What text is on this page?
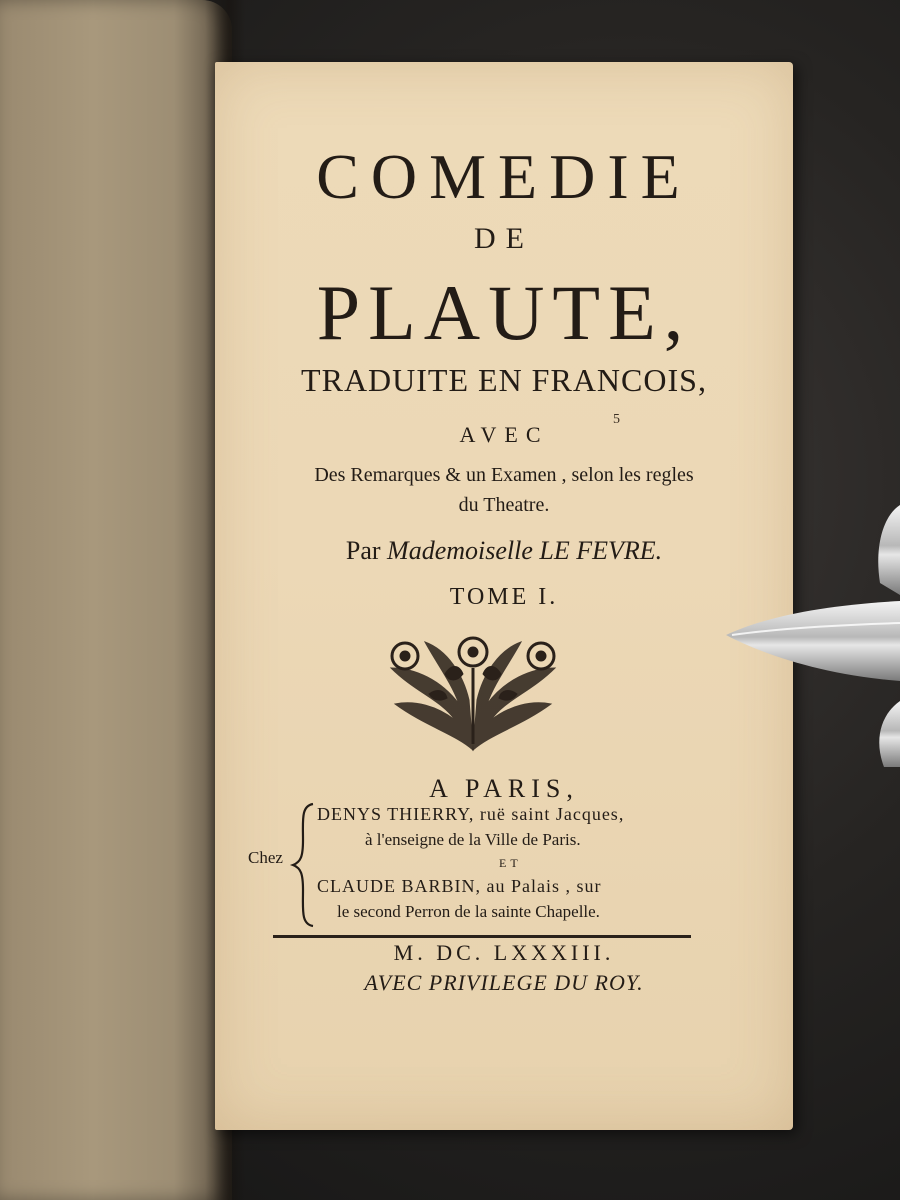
COMEDIE
DE
PLAUTE,
TRADUITE EN FRANCOIS,
5
AVEC
Des Remarques & un Examen , selon les regles
du Theatre.
Par Mademoiselle LE FEVRE.
TOME I.
A PARIS,
Chez
DENYS THIERRY, ruë saint Jacques,
à l'enseigne de la Ville de Paris.
ET
CLAUDE BARBIN, au Palais , sur
le second Perron de la sainte Chapelle.
M. DC. LXXXIII.
AVEC PRIVILEGE DU ROY.
